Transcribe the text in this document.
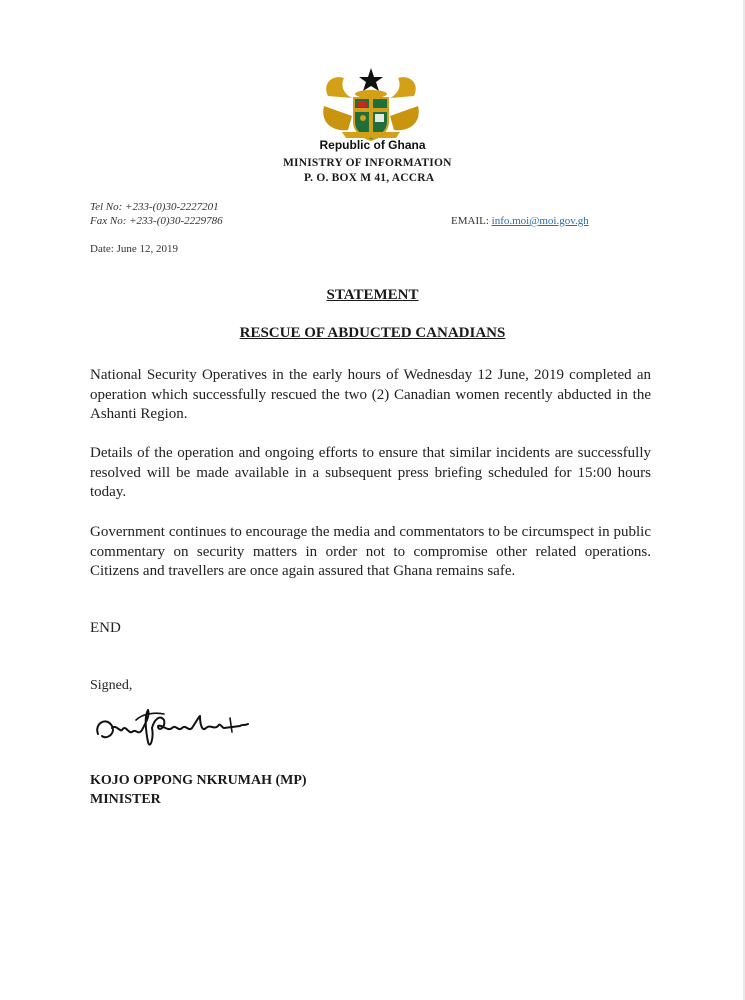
Republic of Ghana
MINISTRY OF INFORMATION
P. O. BOX M 41, ACCRA
Tel No: +233-(0)30-2227201
Fax No: +233-(0)30-2229786	EMAIL: info.moi@moi.gov.gh
Date: June 12, 2019
STATEMENT
RESCUE OF ABDUCTED CANADIANS
National Security Operatives in the early hours of Wednesday 12 June, 2019 completed an operation which successfully rescued the two (2) Canadian women recently abducted in the Ashanti Region.
Details of the operation and ongoing efforts to ensure that similar incidents are successfully resolved will be made available in a subsequent press briefing scheduled for 15:00 hours today.
Government continues to encourage the media and commentators to be circumspect in public commentary on security matters in order not to compromise other related operations. Citizens and travellers are once again assured that Ghana remains safe.
END
Signed,
KOJO OPPONG NKRUMAH (MP)
MINISTER
